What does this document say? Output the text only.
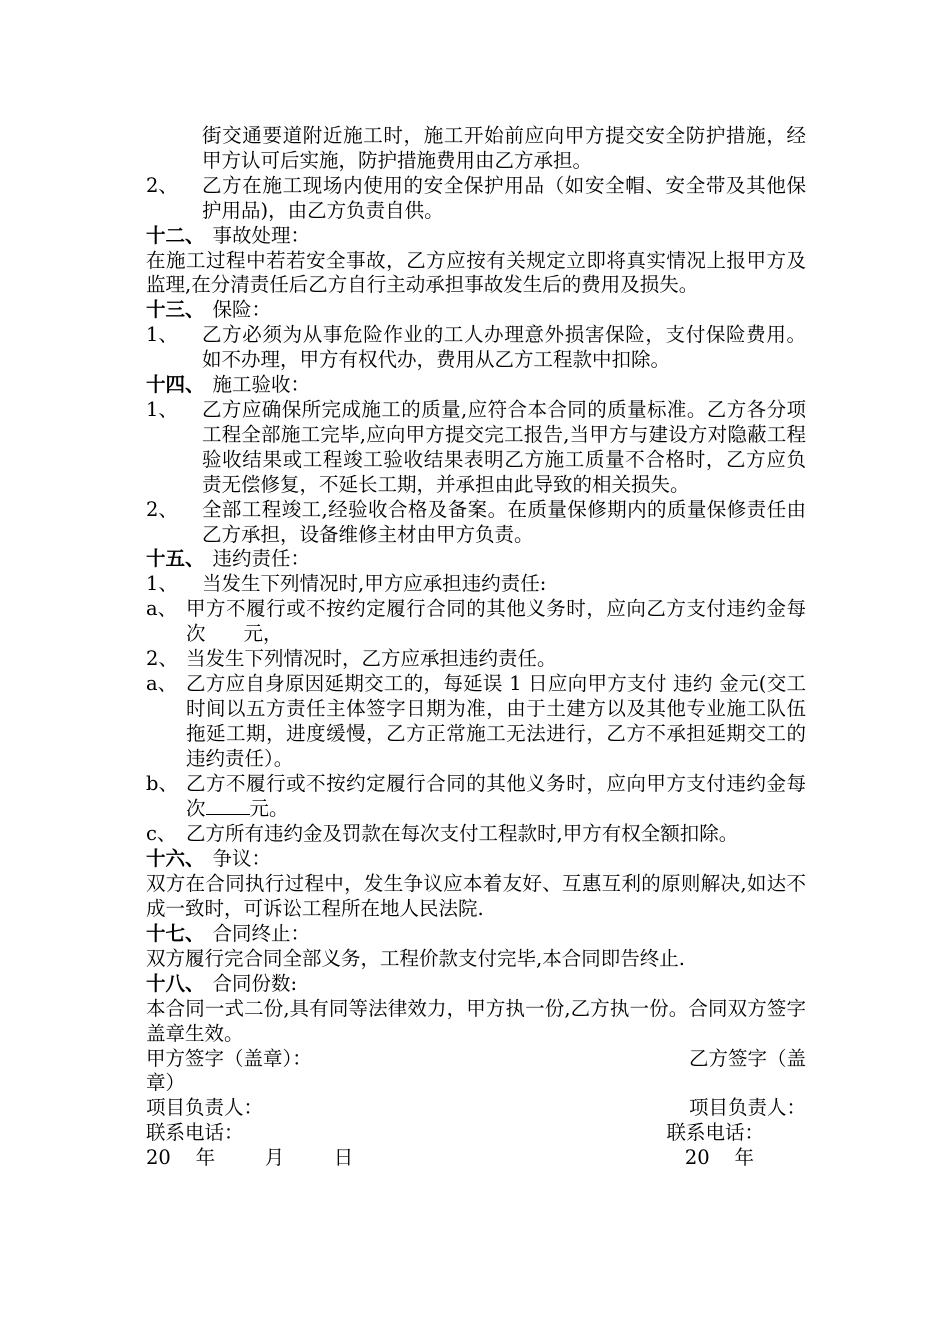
街交通要道附近施工时，施工开始前应向甲方提交安全防护措施，经甲方认可后实施，防护措施费用由乙方承担。

2、	乙方在施工现场内使用的安全保护用品（如安全帽、安全带及其他保护用品)，由乙方负责自供。
十二、 事故处理：

在施工过程中若若安全事故，乙方应按有关规定立即将真实情况上报甲方及监理,在分清责任后乙方自行主动承担事故发生后的费用及损失。

十三、 保险：
1、	乙方必须为从事危险作业的工人办理意外损害保险，支付保险费用。如不办理，甲方有权代办，费用从乙方工程款中扣除。
十四、 施工验收：
1、	乙方应确保所完成施工的质量,应符合本合同的质量标准。乙方各分项工程全部施工完毕,应向甲方提交完工报告,当甲方与建设方对隐蔽工程验收结果或工程竣工验收结果表明乙方施工质量不合格时，乙方应负责无偿修复，不延长工期，并承担由此导致的相关损失。
2、	全部工程竣工,经验收合格及备案。在质量保修期内的质量保修责任由乙方承担，设备维修主材由甲方负责。
十五、 违约责任：
1、	当发生下列情况时,甲方应承担违约责任:
a、 甲方不履行或不按约定履行合同的其他义务时，应向乙方支付违约金每次 元，
2、 当发生下列情况时，乙方应承担违约责任。
a、 乙方应自身原因延期交工的，每延误 1 日应向甲方支付 违约 金元(交工时间以五方责任主体签字日期为准，由于土建方以及其他专业施工队伍拖延工期，进度缓慢，乙方正常施工无法进行，乙方不承担延期交工的违约责任）。
b、 乙方不履行或不按约定履行合同的其他义务时，应向甲方支付违约金每次 元。
c、 乙方所有违约金及罚款在每次支付工程款时,甲方有权全额扣除。
十六、 争议：

双方在合同执行过程中，发生争议应本着友好、互惠互利的原则解决,如达不成一致时，可诉讼工程所在地人民法院.

十七、 合同终止：

双方履行完合同全部义务，工程价款支付完毕,本合同即告终止.

十八、 合同份数:

本合同一式二份,具有同等法律效力，甲方执一份,乙方执一份。合同双方签字盖章生效。

甲方签字（盖章）：	乙方签字（盖
章）
项目负责人：	项目负责人：
联系电话：	联系电话：
20    年        月        日	20    年
